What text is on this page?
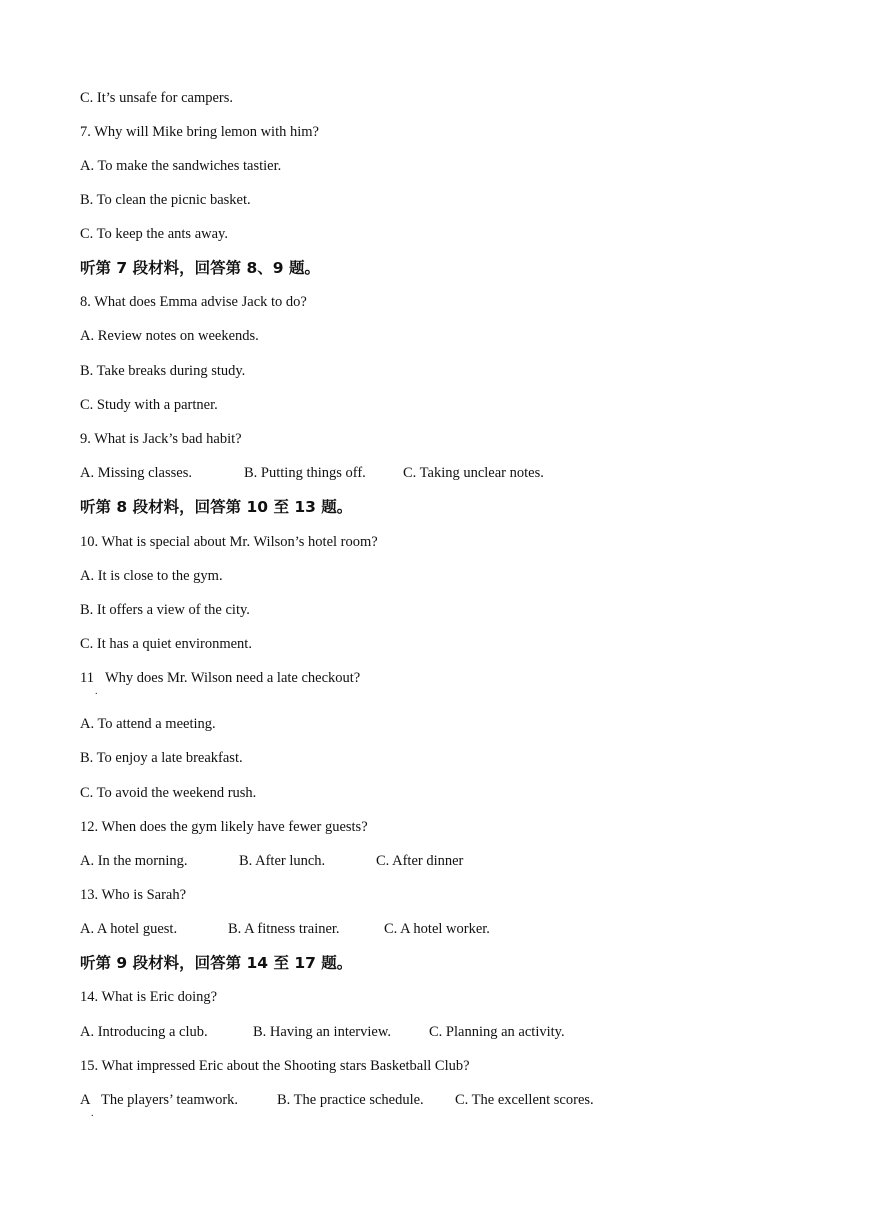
C. It’s unsafe for campers.
7. Why will Mike bring lemon with him?
A. To make the sandwiches tastier.
B. To clean the picnic basket.
C. To keep the ants away.
听第 7 段材料，回答第 8、9 题。
8. What does Emma advise Jack to do?
A. Review notes on weekends.
B. Take breaks during study.
C. Study with a partner.
9. What is Jack’s bad habit?
A. Missing classes.	B. Putting things off.	C. Taking unclear notes.
听第 8 段材料，回答第 10 至 13 题。
10. What is special about Mr. Wilson’s hotel room?
A. It is close to the gym.
B. It offers a view of the city.
C. It has a quiet environment.
11 Why does Mr. Wilson need a late checkout?
.
A. To attend a meeting.
B. To enjoy a late breakfast.
C. To avoid the weekend rush.
12. When does the gym likely have fewer guests?
A. In the morning.	B. After lunch.	C. After dinner
13. Who is Sarah?
A. A hotel guest.	B. A fitness trainer.	C. A hotel worker.
听第 9 段材料，回答第 14 至 17 题。
14. What is Eric doing?
A. Introducing a club.	B. Having an interview.	C. Planning an activity.
15. What impressed Eric about the Shooting stars Basketball Club?
A The players’ teamwork.	B. The practice schedule. C. The excellent scores.
.
